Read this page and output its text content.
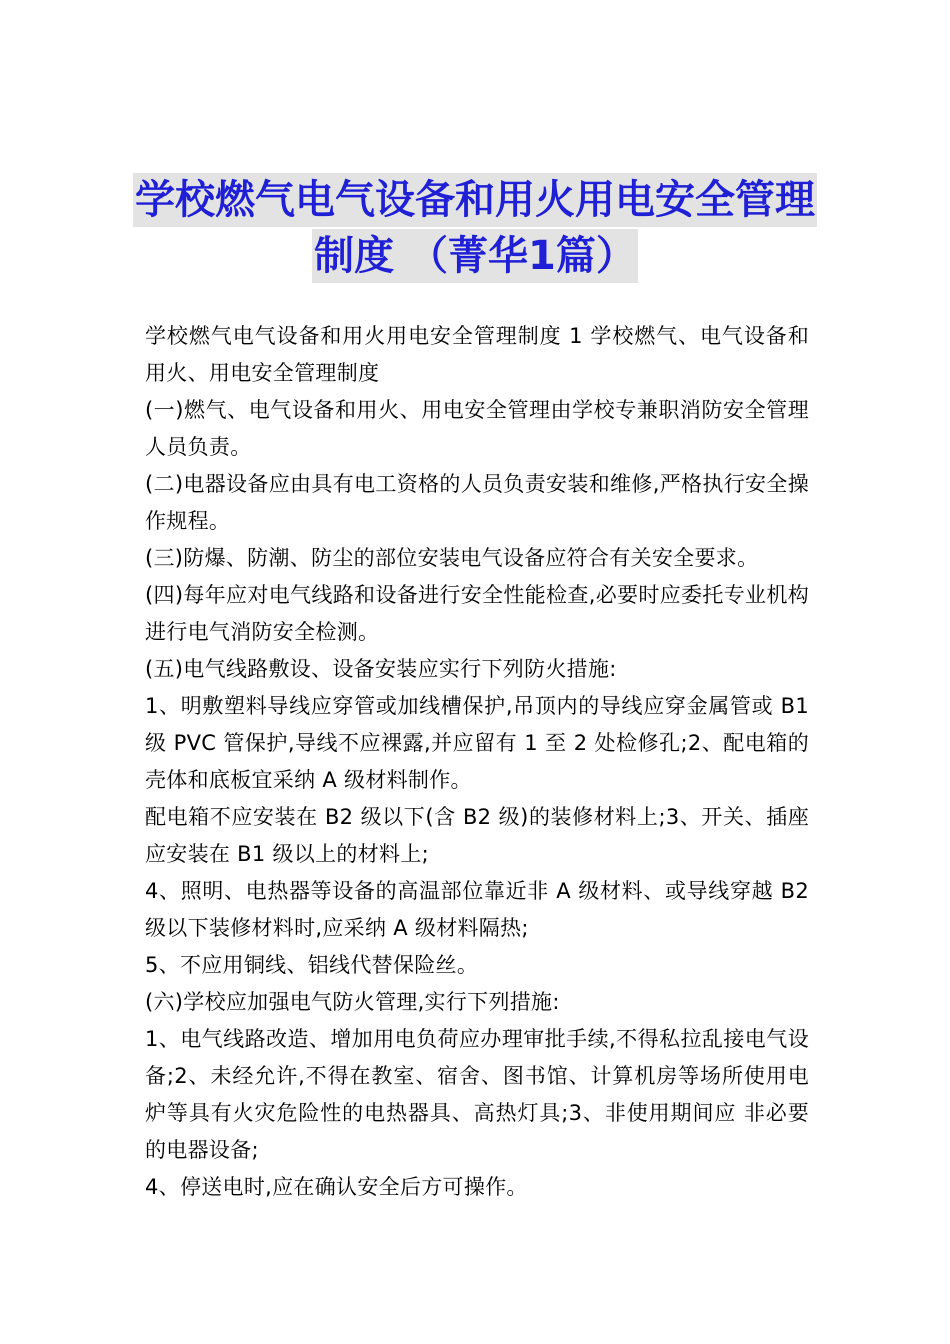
学校燃气电气设备和用火用电安全管理
制度 （菁华1篇）

学校燃气电气设备和用火用电安全管理制度 1 学校燃气、电气设备和用火、用电安全管理制度

(一)燃气、电气设备和用火、用电安全管理由学校专兼职消防安全管理人员负责。

(二)电器设备应由具有电工资格的人员负责安装和维修,严格执行安全操作规程。

(三)防爆、防潮、防尘的部位安装电气设备应符合有关安全要求。

(四)每年应对电气线路和设备进行安全性能检查,必要时应委托专业机构进行电气消防安全检测。

(五)电气线路敷设、设备安装应实行下列防火措施:

1、明敷塑料导线应穿管或加线槽保护,吊顶内的导线应穿金属管或 B1 级 PVC 管保护,导线不应裸露,并应留有 1 至 2 处检修孔;2、配电箱的壳体和底板宜采纳 A 级材料制作。

配电箱不应安装在 B2 级以下(含 B2 级)的装修材料上;3、开关、插座应安装在 B1 级以上的材料上;

4、照明、电热器等设备的高温部位靠近非 A 级材料、或导线穿越 B2 级以下装修材料时,应采纳 A 级材料隔热;

5、不应用铜线、铝线代替保险丝。

(六)学校应加强电气防火管理,实行下列措施:

1、电气线路改造、增加用电负荷应办理审批手续,不得私拉乱接电气设备;2、未经允许,不得在教室、宿舍、图书馆、计算机房等场所使用电炉等具有火灾危险性的电热器具、高热灯具;3、非使用期间应 非必要的电器设备;

4、停送电时,应在确认安全后方可操作。
